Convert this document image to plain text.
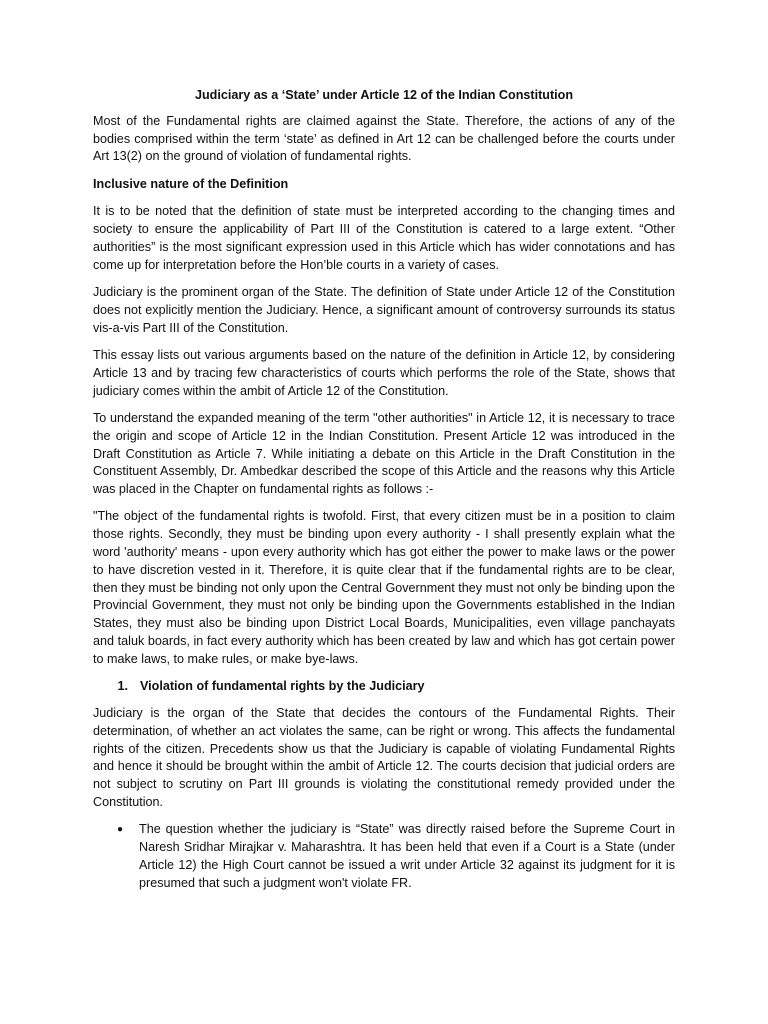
Judiciary as a ‘State’ under Article 12 of the Indian Constitution

Most of the Fundamental rights are claimed against the State. Therefore, the actions of any of the bodies comprised within the term ‘state’ as defined in Art 12 can be challenged before the courts under Art 13(2) on the ground of violation of fundamental rights.

Inclusive nature of the Definition

It is to be noted that the definition of state must be interpreted according to the changing times and society to ensure the applicability of Part III of the Constitution is catered to a large extent. “Other authorities” is the most significant expression used in this Article which has wider connotations and has come up for interpretation before the Hon’ble courts in a variety of cases.

Judiciary is the prominent organ of the State. The definition of State under Article 12 of the Constitution does not explicitly mention the Judiciary. Hence, a significant amount of controversy surrounds its status vis-a-vis Part III of the Constitution.

This essay lists out various arguments based on the nature of the definition in Article 12, by considering Article 13 and by tracing few characteristics of courts which performs the role of the State, shows that judiciary comes within the ambit of Article 12 of the Constitution.

To understand the expanded meaning of the term "other authorities" in Article 12, it is necessary to trace the origin and scope of Article 12 in the Indian Constitution. Present Article 12 was introduced in the Draft Constitution as Article 7. While initiating a debate on this Article in the Draft Constitution in the Constituent Assembly, Dr. Ambedkar described the scope of this Article and the reasons why this Article was placed in the Chapter on fundamental rights as follows :-

"The object of the fundamental rights is twofold. First, that every citizen must be in a position to claim those rights. Secondly, they must be binding upon every authority - I shall presently explain what the word 'authority' means - upon every authority which has got either the power to make laws or the power to have discretion vested in it. Therefore, it is quite clear that if the fundamental rights are to be clear, then they must be binding not only upon the Central Government they must not only be binding upon the Provincial Government, they must not only be binding upon the Governments established in the Indian States, they must also be binding upon District Local Boards, Municipalities, even village panchayats and taluk boards, in fact every authority which has been created by law and which has got certain power to make laws, to make rules, or make bye-laws.

1. Violation of fundamental rights by the Judiciary

Judiciary is the organ of the State that decides the contours of the Fundamental Rights. Their determination, of whether an act violates the same, can be right or wrong. This affects the fundamental rights of the citizen. Precedents show us that the Judiciary is capable of violating Fundamental Rights and hence it should be brought within the ambit of Article 12. The courts decision that judicial orders are not subject to scrutiny on Part III grounds is violating the constitutional remedy provided under the Constitution.

●	The question whether the judiciary is “State” was directly raised before the Supreme Court in Naresh Sridhar Mirajkar v. Maharashtra. It has been held that even if a Court is a State (under Article 12) the High Court cannot be issued a writ under Article 32 against its judgment for it is presumed that such a judgment won't violate FR.
